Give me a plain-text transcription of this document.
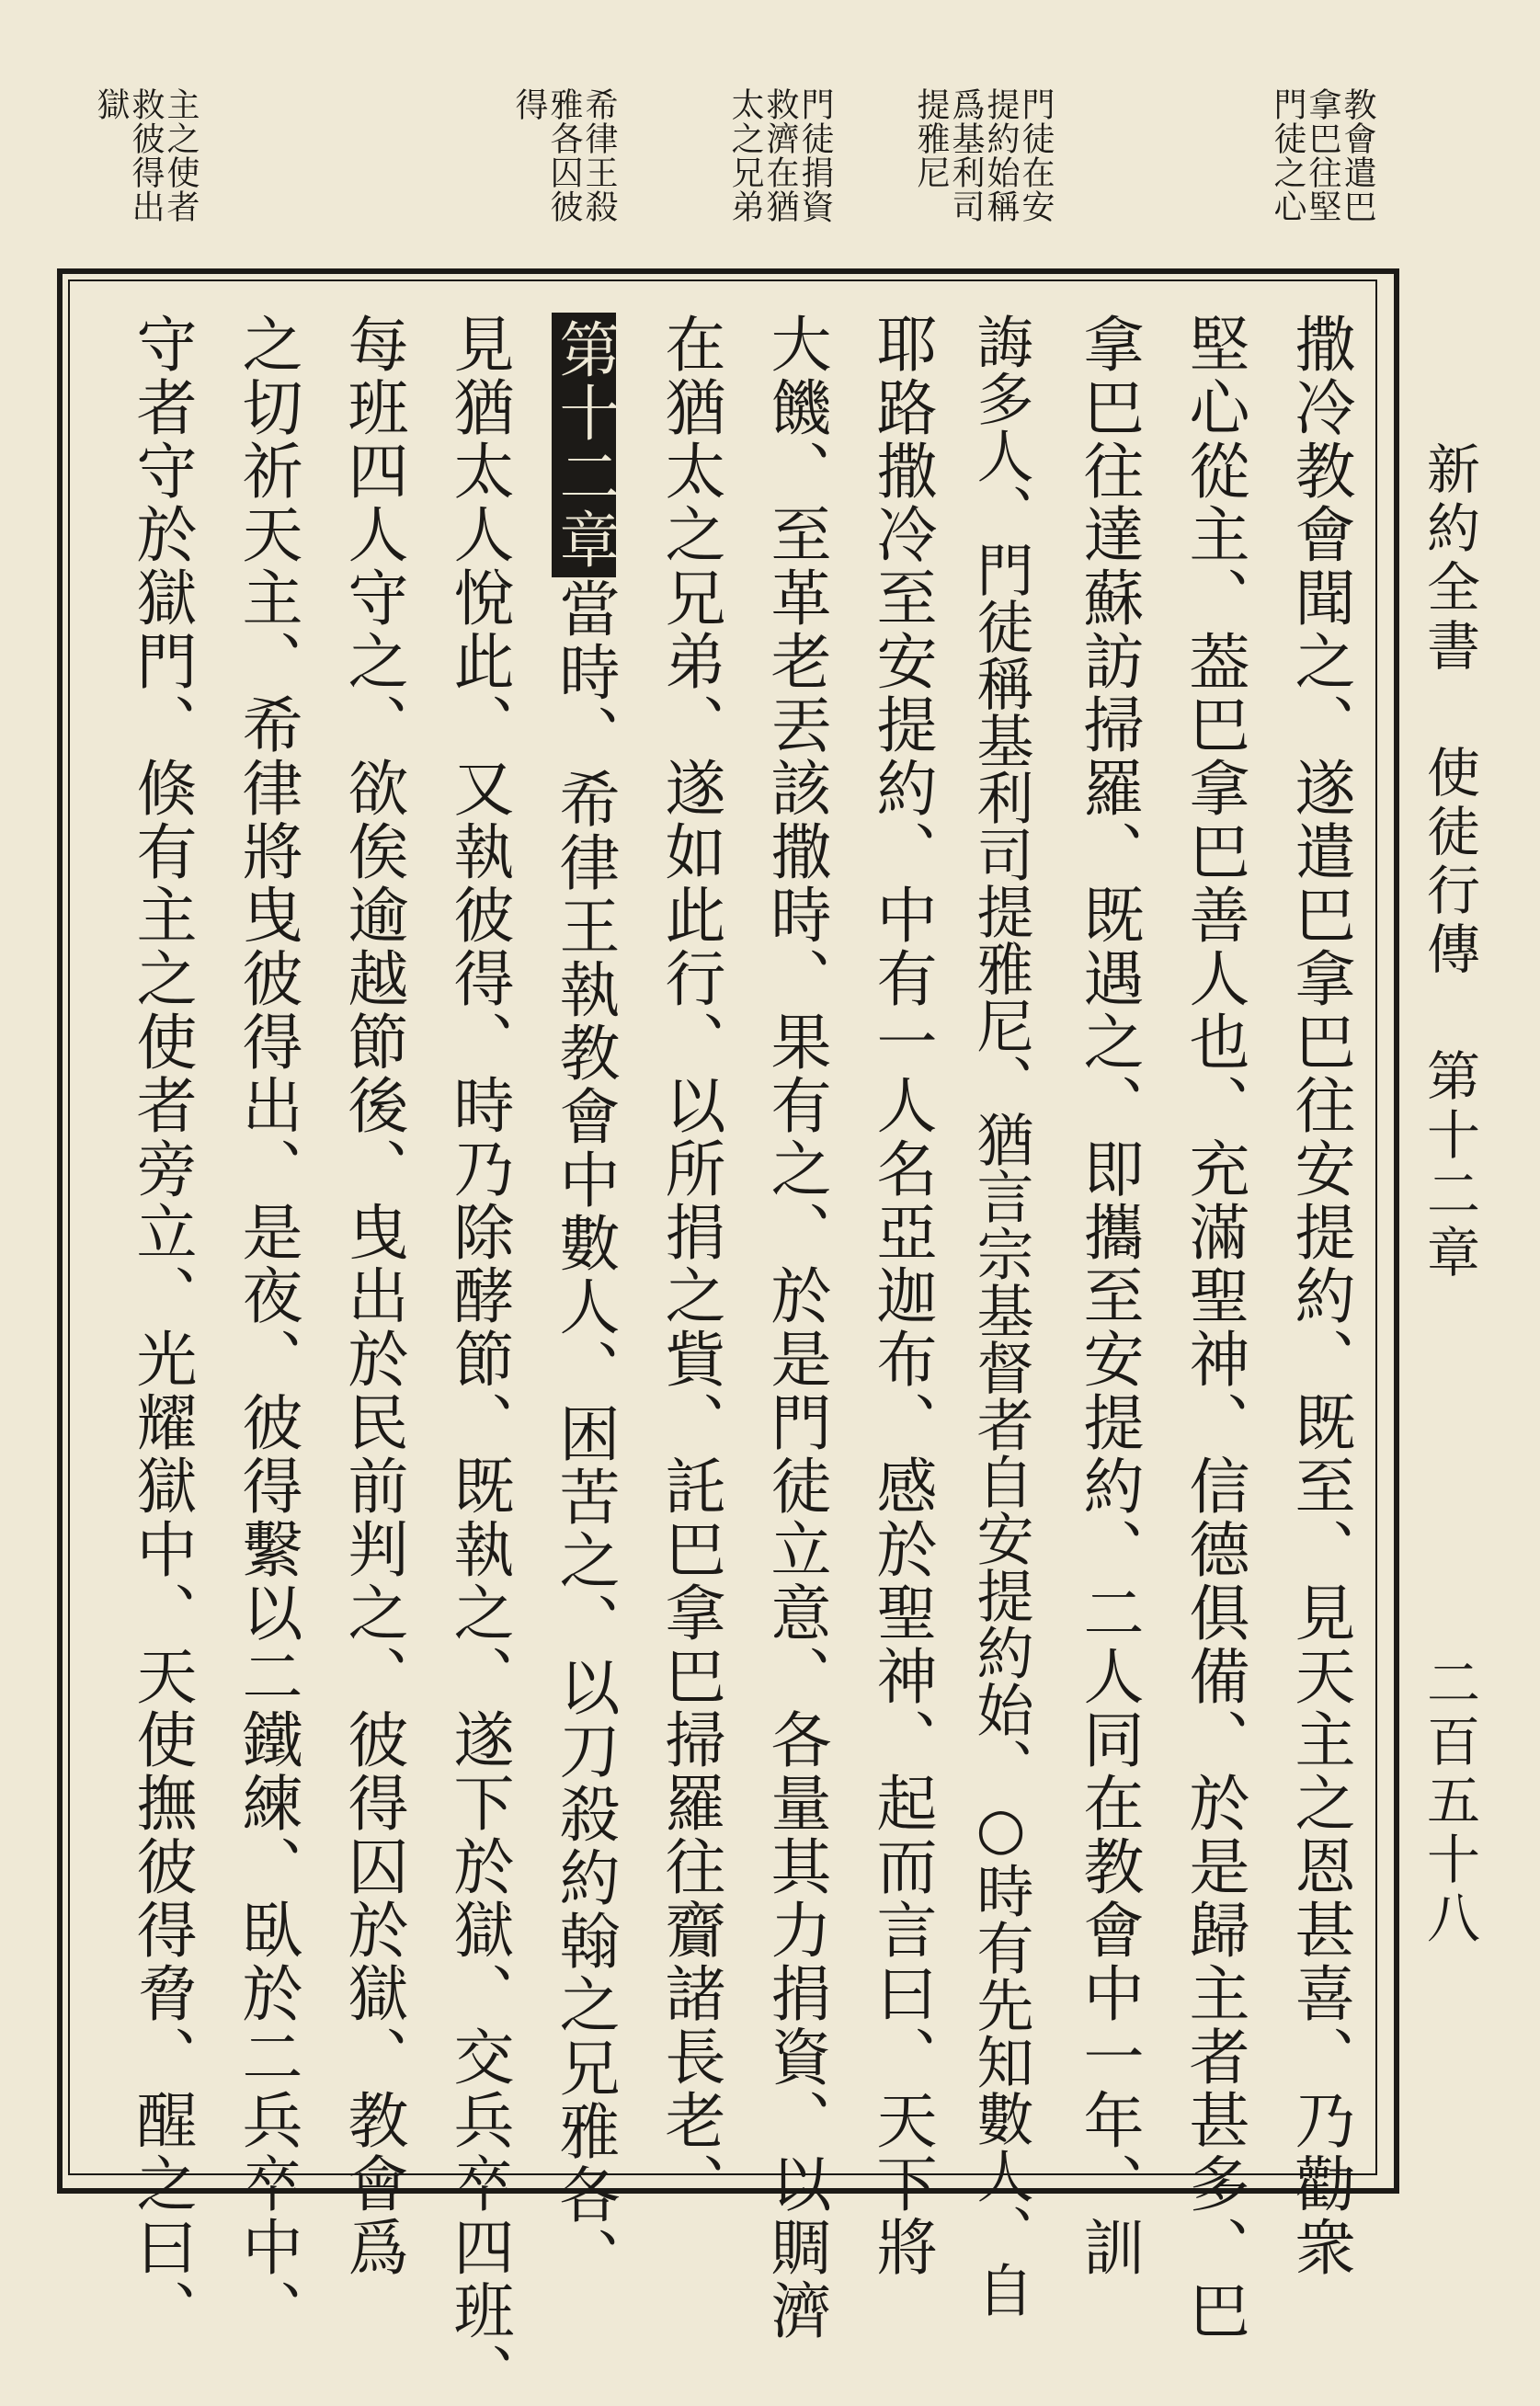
新約全書 使徒行傳 第十二章
二百五十八
教會遣巴
拿巴往堅
門徒之心
門徒在安
提約始稱
爲基利司
提雅尼
門徒捐資
救濟在猶
太之兄弟
希律王殺
雅各囚彼
得
主之使者
救彼得出
獄
撒冷教會聞之、遂遣巴拿巴往安提約、既至、見天主之恩甚喜、乃勸衆
堅心從主、葢巴拿巴善人也、充滿聖神、信德俱備、於是歸主者甚多、巴
拿巴往達蘇訪掃羅、既遇之、即攜至安提約、二人同在教會中一年、訓
誨多人、門徒稱基利司提雅尼、猶言宗基督者自安提約始、○時有先知數人、自
耶路撒冷至安提約、中有一人名亞迦布、感於聖神、起而言曰、天下將
大饑、至革老丟該撒時、果有之、於是門徒立意、各量其力捐資、以賙濟
在猶太之兄弟、遂如此行、以所捐之貲、託巴拿巴掃羅往齎諸長老、
第十二章當時、希律王執教會中數人、困苦之、以刀殺約翰之兄雅各、
見猶太人悅此、又執彼得、時乃除酵節、既執之、遂下於獄、交兵卒四班、
每班四人守之、欲俟逾越節後、曳出於民前判之、彼得囚於獄、教會爲
之切祈天主、希律將曳彼得出、是夜、彼得繫以二鐵練、臥於二兵卒中、
守者守於獄門、倏有主之使者旁立、光耀獄中、天使撫彼得脅、醒之曰、
